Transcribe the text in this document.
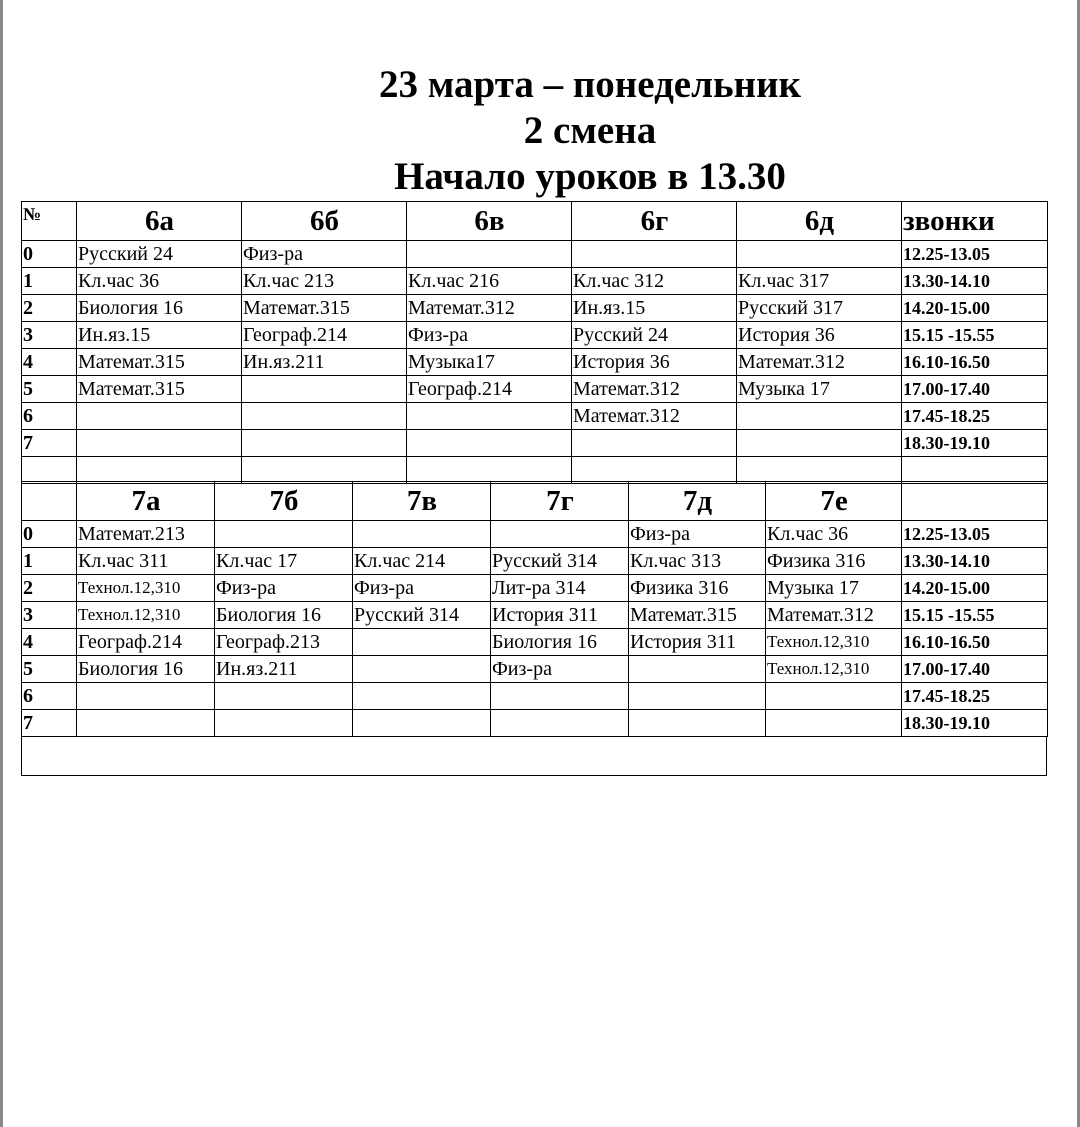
23 марта – понедельник
2 смена
Начало уроков в 13.30
№	6а	6б	6в	6г	6д	звонки
0	Русский 24	Физ-ра				12.25-13.05
1	Кл.час 36	Кл.час 213	Кл.час 216	Кл.час 312	Кл.час 317	13.30-14.10
2	Биология 16	Математ.315	Математ.312	Ин.яз.15	Русский 317	14.20-15.00
3	Ин.яз.15	Географ.214	Физ-ра	Русский 24	История 36	15.15 -15.55
4	Математ.315	Ин.яз.211	Музыка17	История 36	Математ.312	16.10-16.50
5	Математ.315		Географ.214	Математ.312	Музыка 17	17.00-17.40
6				Математ.312		17.45-18.25
7						18.30-19.10

	7а	7б	7в	7г	7д	7е	
0	Математ.213				Физ-ра	Кл.час 36	12.25-13.05
1	Кл.час 311	Кл.час 17	Кл.час 214	Русский 314	Кл.час 313	Физика 316	13.30-14.10
2	Технол.12,310	Физ-ра	Физ-ра	Лит-ра 314	Физика 316	Музыка 17	14.20-15.00
3	Технол.12,310	Биология 16	Русский 314	История 311	Математ.315	Математ.312	15.15 -15.55
4	Географ.214	Географ.213		Биология 16	История 311	Технол.12,310	16.10-16.50
5	Биология 16	Ин.яз.211		Физ-ра		Технол.12,310	17.00-17.40
6							17.45-18.25
7							18.30-19.10
